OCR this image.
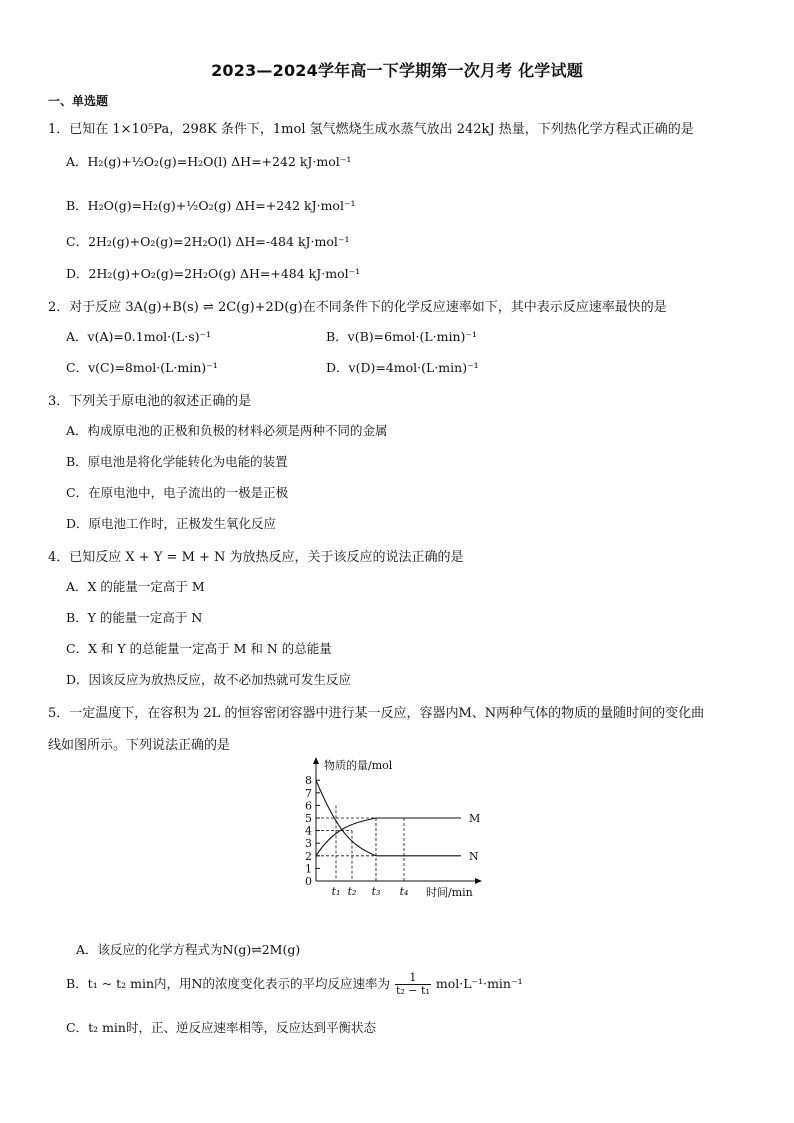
2023—2024学年高一下学期第一次月考 化学试题
一、单选题
1．已知在 1×10⁵Pa，298K 条件下，1mol 氢气燃烧生成水蒸气放出 242kJ 热量，下列热化学方程式正确的是
A．H₂(g)+½O₂(g)=H₂O(l) ΔH=+242 kJ·mol⁻¹
B．H₂O(g)=H₂(g)+½O₂(g) ΔH=+242 kJ·mol⁻¹
C．2H₂(g)+O₂(g)=2H₂O(l) ΔH=-484 kJ·mol⁻¹
D．2H₂(g)+O₂(g)=2H₂O(g) ΔH=+484 kJ·mol⁻¹
2．对于反应 3A(g)+B(s) ⇌ 2C(g)+2D(g)在不同条件下的化学反应速率如下，其中表示反应速率最快的是
A．v(A)=0.1mol·(L·s)⁻¹	B．v(B)=6mol·(L·min)⁻¹
C．v(C)=8mol·(L·min)⁻¹	D．v(D)=4mol·(L·min)⁻¹
3．下列关于原电池的叙述正确的是
A．构成原电池的正极和负极的材料必须是两种不同的金属
B．原电池是将化学能转化为电能的装置
C．在原电池中，电子流出的一极是正极
D．原电池工作时，正极发生氧化反应
4．已知反应 X + Y = M + N 为放热反应，关于该反应的说法正确的是
A．X 的能量一定高于 M
B．Y 的能量一定高于 N
C．X 和 Y 的总能量一定高于 M 和 N 的总能量
D．因该反应为放热反应，故不必加热就可发生反应
5．一定温度下，在容积为 2L 的恒容密闭容器中进行某一反应，容器内M、N两种气体的物质的量随时间的变化曲
线如图所示。下列说法正确的是
0
1
2
3
4
5
6
7
8
物质的量/mol
时间/min
t₁ t₂ t₃ t₄
M
N
A．该反应的化学方程式为N(g)⇌2M(g)
B．t₁ ~ t₂ min内，用N的浓度变化表示的平均反应速率为 $\frac{1}{\text{t₂ − t₁}} mol\cdot L^{-1}\cdot\min^{-1}$
C．t₂ min时，正、逆反应速率相等，反应达到平衡状态
